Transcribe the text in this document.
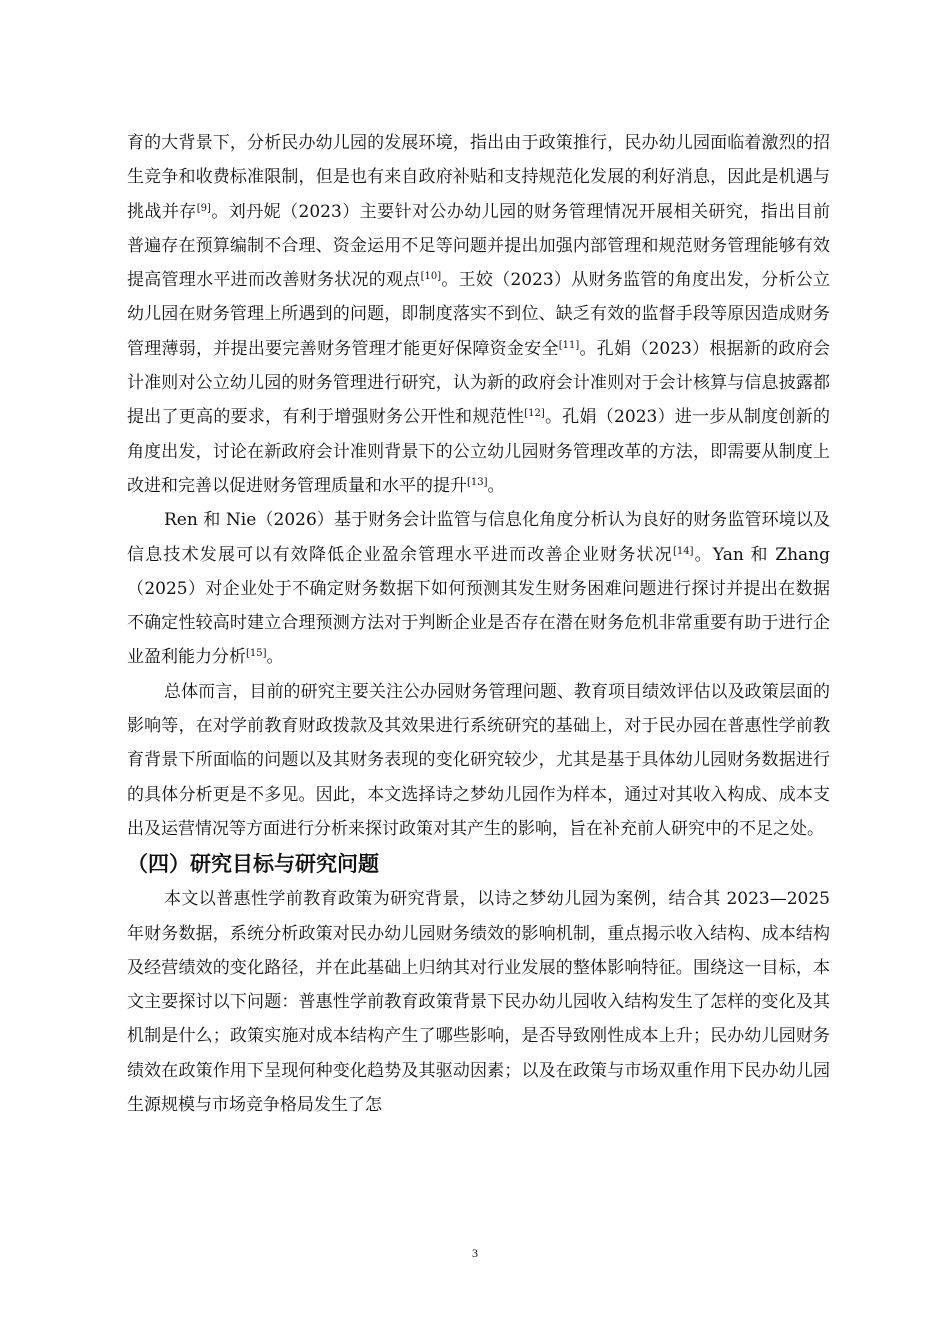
育的大背景下，分析民办幼儿园的发展环境，指出由于政策推行，民办幼儿园面临着激烈的招生竞争和收费标准限制，但是也有来自政府补贴和支持规范化发展的利好消息，因此是机遇与挑战并存[9]。刘丹妮（2023）主要针对公办幼儿园的财务管理情况开展相关研究，指出目前普遍存在预算编制不合理、资金运用不足等问题并提出加强内部管理和规范财务管理能够有效提高管理水平进而改善财务状况的观点[10]。王姣（2023）从财务监管的角度出发，分析公立幼儿园在财务管理上所遇到的问题，即制度落实不到位、缺乏有效的监督手段等原因造成财务管理薄弱，并提出要完善财务管理才能更好保障资金安全[11]。孔娟（2023）根据新的政府会计准则对公立幼儿园的财务管理进行研究，认为新的政府会计准则对于会计核算与信息披露都提出了更高的要求，有利于增强财务公开性和规范性[12]。孔娟（2023）进一步从制度创新的角度出发，讨论在新政府会计准则背景下的公立幼儿园财务管理改革的方法，即需要从制度上改进和完善以促进财务管理质量和水平的提升[13]。

Ren 和 Nie（2026）基于财务会计监管与信息化角度分析认为良好的财务监管环境以及信息技术发展可以有效降低企业盈余管理水平进而改善企业财务状况[14]。Yan 和 Zhang（2025）对企业处于不确定财务数据下如何预测其发生财务困难问题进行探讨并提出在数据不确定性较高时建立合理预测方法对于判断企业是否存在潜在财务危机非常重要有助于进行企业盈利能力分析[15]。

总体而言，目前的研究主要关注公办园财务管理问题、教育项目绩效评估以及政策层面的影响等，在对学前教育财政拨款及其效果进行系统研究的基础上，对于民办园在普惠性学前教育背景下所面临的问题以及其财务表现的变化研究较少，尤其是基于具体幼儿园财务数据进行的具体分析更是不多见。因此，本文选择诗之梦幼儿园作为样本，通过对其收入构成、成本支出及运营情况等方面进行分析来探讨政策对其产生的影响，旨在补充前人研究中的不足之处。

（四）研究目标与研究问题

本文以普惠性学前教育政策为研究背景，以诗之梦幼儿园为案例，结合其 2023—2025 年财务数据，系统分析政策对民办幼儿园财务绩效的影响机制，重点揭示收入结构、成本结构及经营绩效的变化路径，并在此基础上归纳其对行业发展的整体影响特征。围绕这一目标，本文主要探讨以下问题：普惠性学前教育政策背景下民办幼儿园收入结构发生了怎样的变化及其机制是什么；政策实施对成本结构产生了哪些影响，是否导致刚性成本上升；民办幼儿园财务绩效在政策作用下呈现何种变化趋势及其驱动因素；以及在政策与市场双重作用下民办幼儿园生源规模与市场竞争格局发生了怎

3
